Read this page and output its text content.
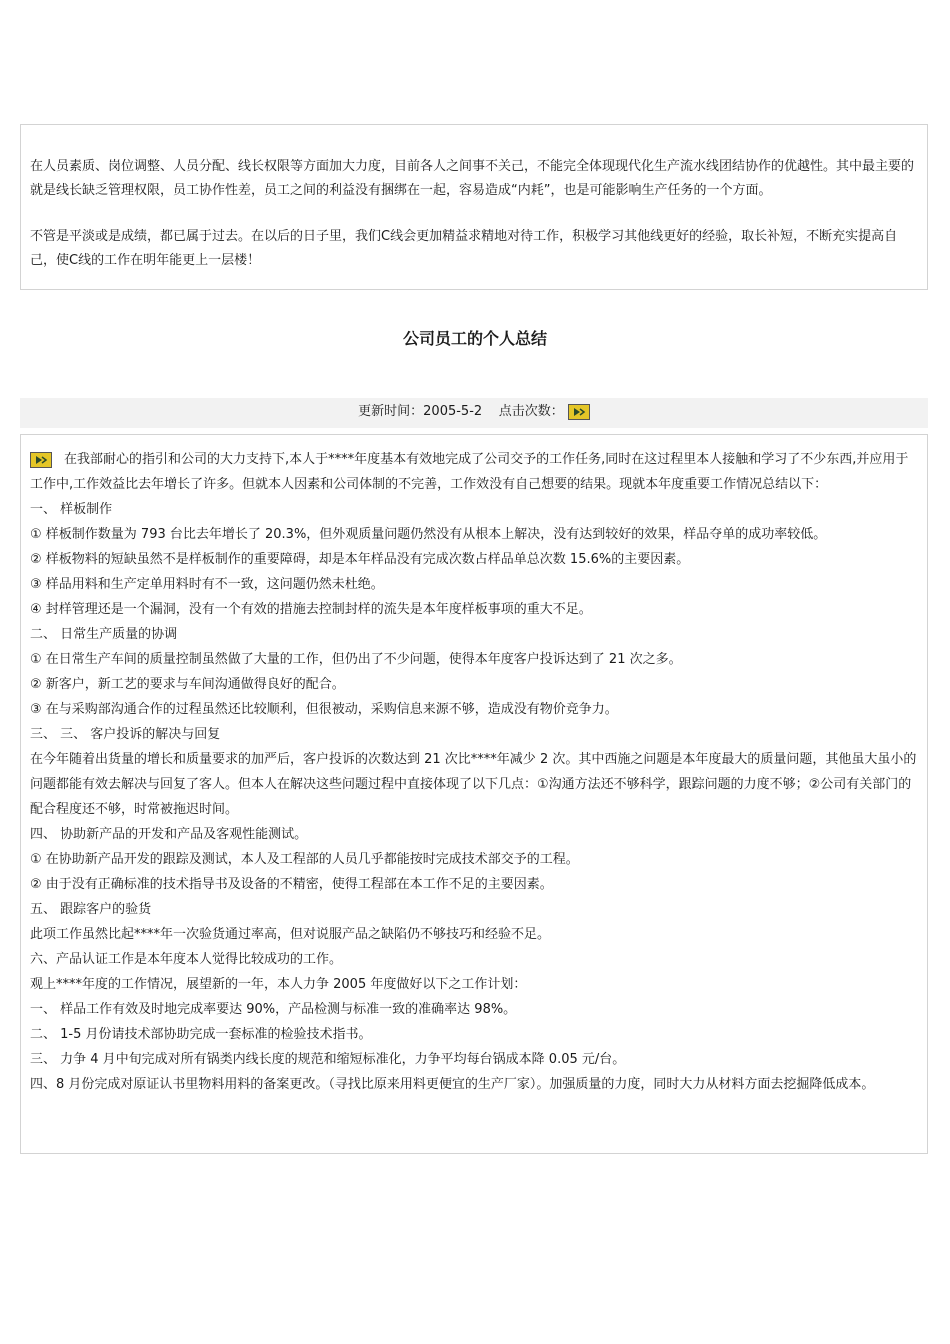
在人员素质、岗位调整、人员分配、线长权限等方面加大力度，目前各人之间事不关己，不能完全体现现代化生产流水线团结协作的优越性。其中最主要的就是线长缺乏管理权限，员工协作性差，员工之间的利益没有捆绑在一起，容易造成“内耗”，也是可能影响生产任务的一个方面。

不管是平淡或是成绩，都已属于过去。在以后的日子里，我们C线会更加精益求精地对待工作，积极学习其他线更好的经验，取长补短，不断充实提高自己，使C线的工作在明年能更上一层楼！

公司员工的个人总结
更新时间：2005-5-2 点击次数：

在我部耐心的指引和公司的大力支持下,本人于****年度基本有效地完成了公司交予的工作任务,同时在这过程里本人接触和学习了不少东西,并应用于工作中,工作效益比去年增长了许多。但就本人因素和公司体制的不完善，工作效没有自己想要的结果。现就本年度重要工作情况总结以下：

一、 样板制作

① 样板制作数量为 793 台比去年增长了 20.3%，但外观质量问题仍然没有从根本上解决，没有达到较好的效果，样品夺单的成功率较低。

② 样板物料的短缺虽然不是样板制作的重要障碍，却是本年样品没有完成次数占样品单总次数 15.6%的主要因素。

③ 样品用料和生产定单用料时有不一致，这问题仍然未杜绝。

④ 封样管理还是一个漏洞，没有一个有效的措施去控制封样的流失是本年度样板事项的重大不足。

二、 日常生产质量的协调

① 在日常生产车间的质量控制虽然做了大量的工作，但仍出了不少问题，使得本年度客户投诉达到了 21 次之多。

② 新客户，新工艺的要求与车间沟通做得良好的配合。

③ 在与采购部沟通合作的过程虽然还比较顺利，但很被动，采购信息来源不够，造成没有物价竞争力。

三、 三、 客户投诉的解决与回复

在今年随着出货量的增长和质量要求的加严后，客户投诉的次数达到 21 次比****年减少 2 次。其中西施之问题是本年度最大的质量问题，其他虽大虽小的问题都能有效去解决与回复了客人。但本人在解决这些问题过程中直接体现了以下几点：①沟通方法还不够科学，跟踪问题的力度不够；②公司有关部门的配合程度还不够，时常被拖迟时间。

四、 协助新产品的开发和产品及客观性能测试。

① 在协助新产品开发的跟踪及测试，本人及工程部的人员几乎都能按时完成技术部交予的工程。

② 由于没有正确标准的技术指导书及设备的不精密，使得工程部在本工作不足的主要因素。

五、 跟踪客户的验货

此项工作虽然比起****年一次验货通过率高，但对说服产品之缺陷仍不够技巧和经验不足。

六、产品认证工作是本年度本人觉得比较成功的工作。

观上****年度的工作情况，展望新的一年，本人力争 2005 年度做好以下之工作计划：

一、 样品工作有效及时地完成率要达 90%，产品检测与标准一致的准确率达 98%。

二、 1-5 月份请技术部协助完成一套标准的检验技术指书。

三、 力争 4 月中旬完成对所有锅类内线长度的规范和缩短标准化，力争平均每台锅成本降 0.05 元/台。

四、8 月份完成对原证认书里物料用料的备案更改。（寻找比原来用料更便宜的生产厂家）。加强质量的力度，同时大力从材料方面去挖掘降低成本。
